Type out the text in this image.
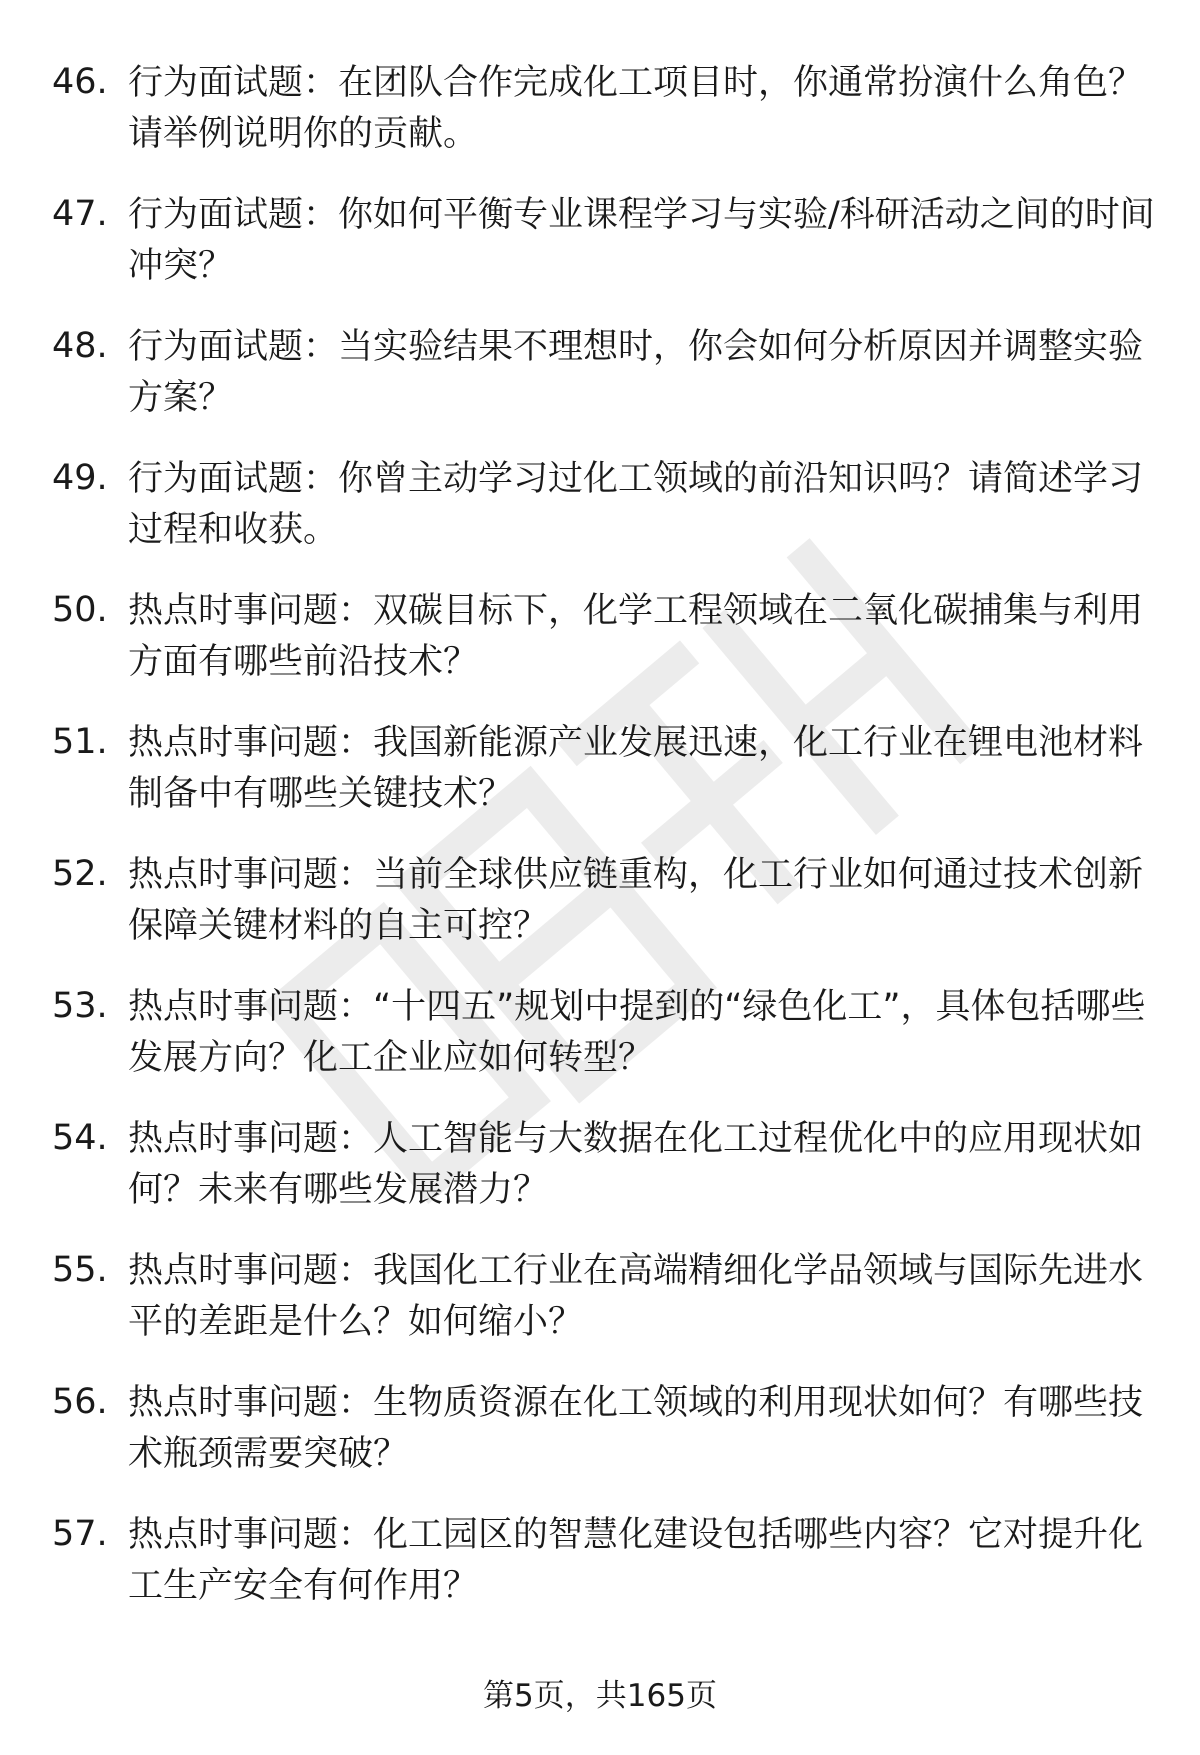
46. 行为面试题：在团队合作完成化工项目时，你通常扮演什么角色？请举例说明你的贡献。
47. 行为面试题：你如何平衡专业课程学习与实验/科研活动之间的时间冲突？
48. 行为面试题：当实验结果不理想时，你会如何分析原因并调整实验方案？
49. 行为面试题：你曾主动学习过化工领域的前沿知识吗？请简述学习过程和收获。
50. 热点时事问题：双碳目标下，化学工程领域在二氧化碳捕集与利用方面有哪些前沿技术？
51. 热点时事问题：我国新能源产业发展迅速，化工行业在锂电池材料制备中有哪些关键技术？
52. 热点时事问题：当前全球供应链重构，化工行业如何通过技术创新保障关键材料的自主可控？
53. 热点时事问题：“十四五”规划中提到的“绿色化工”，具体包括哪些发展方向？化工企业应如何转型？
54. 热点时事问题：人工智能与大数据在化工过程优化中的应用现状如何？未来有哪些发展潜力？
55. 热点时事问题：我国化工行业在高端精细化学品领域与国际先进水平的差距是什么？如何缩小？
56. 热点时事问题：生物质资源在化工领域的利用现状如何？有哪些技术瓶颈需要突破？
57. 热点时事问题：化工园区的智慧化建设包括哪些内容？它对提升化工生产安全有何作用？
第5页，共165页
